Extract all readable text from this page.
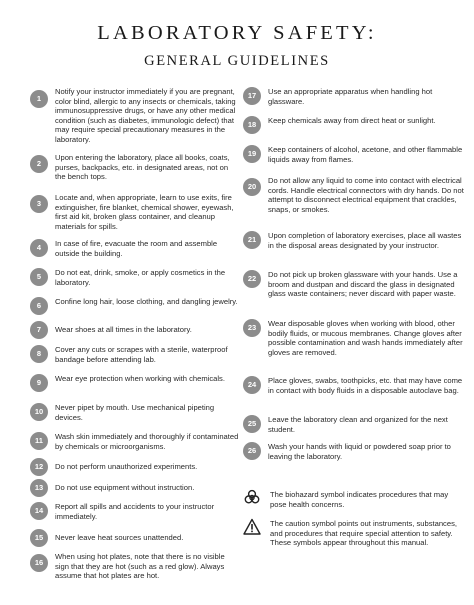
LABORATORY SAFETY:
GENERAL GUIDELINES
1
Notify your instructor immediately if you are pregnant, color blind, allergic to any insects or chemicals, taking immunosuppressive drugs, or have any other medical condition (such as diabetes, immunologic defect) that may require special precautionary measures in the laboratory.
2
Upon entering the laboratory, place all books, coats, purses, backpacks, etc. in designated areas, not on the bench tops.
3
Locate and, when appropriate, learn to use exits, fire extinguisher, fire blanket, chemical shower, eyewash, first aid kit, broken glass container, and cleanup materials for spills.
4	In case of fire, evacuate the room and assemble outside the building.
5	Do not eat, drink, smoke, or apply cosmetics in the laboratory.
6	Confine long hair, loose clothing, and dangling jewelry.
7	Wear shoes at all times in the laboratory.
8	Cover any cuts or scrapes with a sterile, waterproof bandage before attending lab.
9	Wear eye protection when working with chemicals.
10	Never pipet by mouth. Use mechanical pipeting devices.
11	Wash skin immediately and thoroughly if contaminated by chemicals or microorganisms.
12	Do not perform unauthorized experiments.
13	Do not use equipment without instruction.
14	Report all spills and accidents to your instructor immediately.
15	Never leave heat sources unattended.
16
When using hot plates, note that there is no visible sign that they are hot (such as a red glow). Always assume that hot plates are hot.
17	Use an appropriate apparatus when handling hot glassware.
18	Keep chemicals away from direct heat or sunlight.
19	Keep containers of alcohol, acetone, and other flammable liquids away from flames.
20
Do not allow any liquid to come into contact with electrical cords. Handle electrical connectors with dry hands. Do not attempt to disconnect electrical equipment that crackles, snaps, or smokes.
21	Upon completion of laboratory exercises, place all wastes in the disposal areas designated by your instructor.
22	Do not pick up broken glassware with your hands. Use a broom and dustpan and discard the glass in designated glass waste containers; never discard with paper waste.
23	Wear disposable gloves when working with blood, other bodily fluids, or mucous membranes. Change gloves after possible contamination and wash hands immediately after gloves are removed.
24	Place gloves, swabs, toothpicks, etc. that may have come in contact with body fluids in a disposable autoclave bag.
25	Leave the laboratory clean and organized for the next student.
26	Wash your hands with liquid or powdered soap prior to leaving the laboratory.
The biohazard symbol indicates procedures that may pose health concerns.
The caution symbol points out instruments, substances, and procedures that require special attention to safety. These symbols appear throughout this manual.
